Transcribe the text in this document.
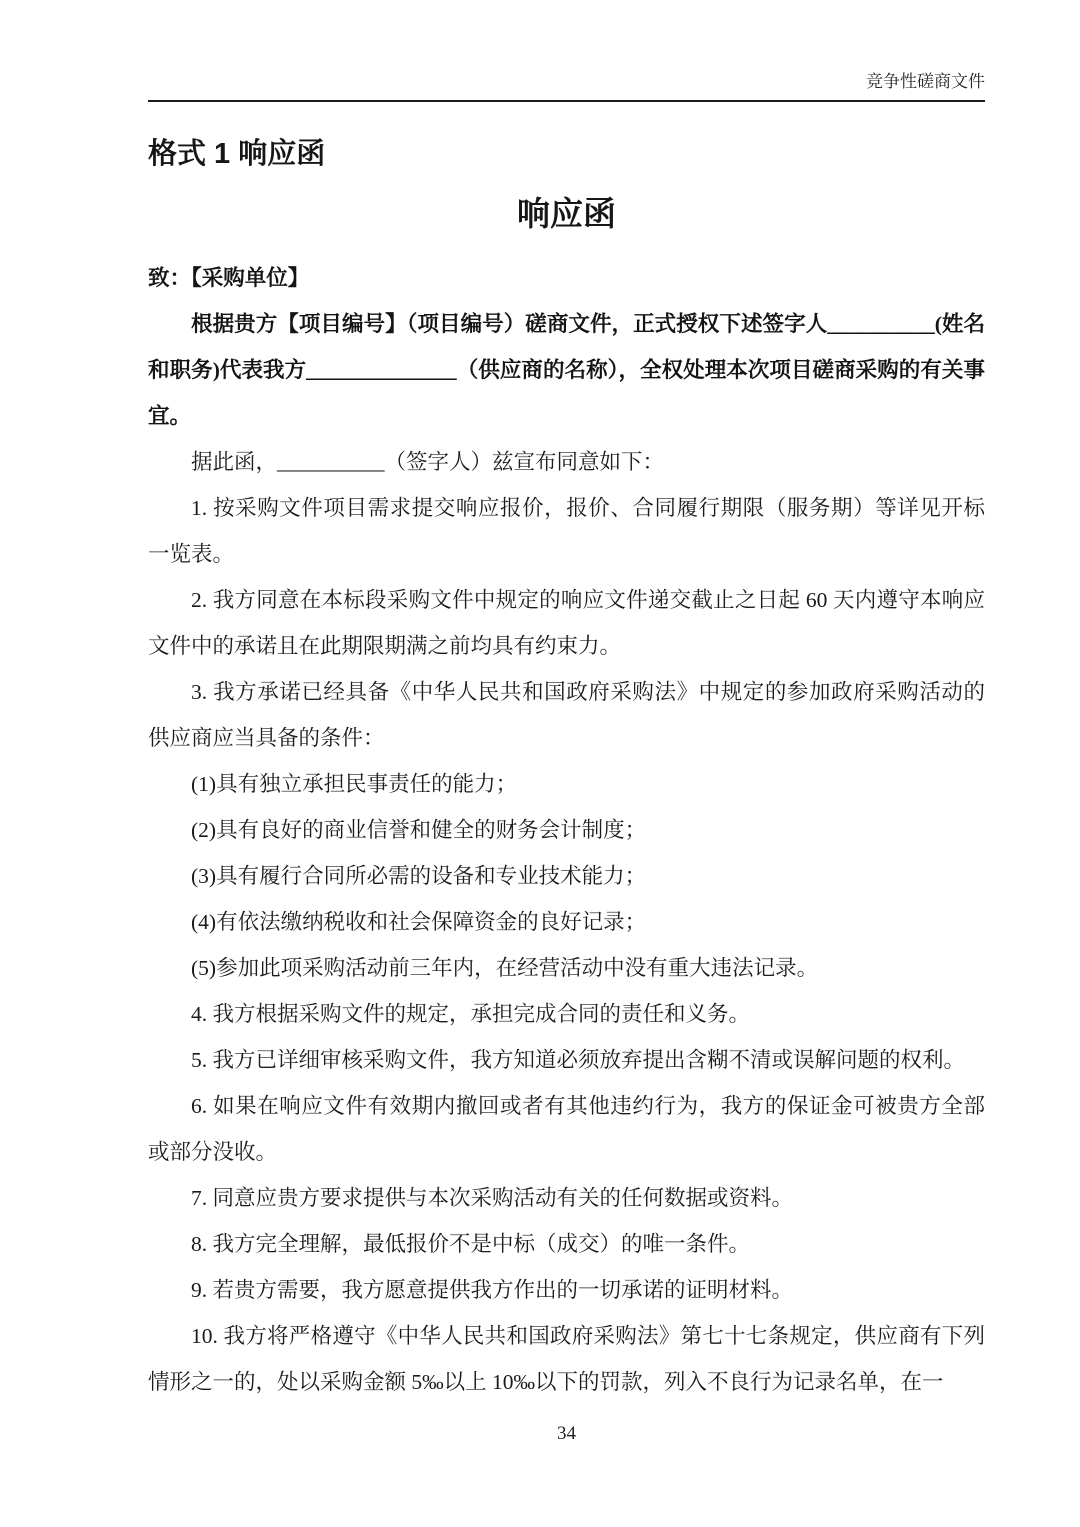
竞争性磋商文件
格式 1 响应函
响应函

致：【采购单位】

根据贵方【项目编号】（项目编号）磋商文件，正式授权下述签字人__________(姓名和职务)代表我方______________（供应商的名称），全权处理本次项目磋商采购的有关事宜。

据此函，__________（签字人）兹宣布同意如下：

1. 按采购文件项目需求提交响应报价，报价、合同履行期限（服务期）等详见开标一览表。

2. 我方同意在本标段采购文件中规定的响应文件递交截止之日起 60 天内遵守本响应文件中的承诺且在此期限期满之前均具有约束力。

3. 我方承诺已经具备《中华人民共和国政府采购法》中规定的参加政府采购活动的供应商应当具备的条件：

(1)具有独立承担民事责任的能力；

(2)具有良好的商业信誉和健全的财务会计制度；

(3)具有履行合同所必需的设备和专业技术能力；

(4)有依法缴纳税收和社会保障资金的良好记录；

(5)参加此项采购活动前三年内，在经营活动中没有重大违法记录。

4. 我方根据采购文件的规定，承担完成合同的责任和义务。

5. 我方已详细审核采购文件，我方知道必须放弃提出含糊不清或误解问题的权利。

6. 如果在响应文件有效期内撤回或者有其他违约行为，我方的保证金可被贵方全部或部分没收。

7. 同意应贵方要求提供与本次采购活动有关的任何数据或资料。

8. 我方完全理解，最低报价不是中标（成交）的唯一条件。

9. 若贵方需要，我方愿意提供我方作出的一切承诺的证明材料。

10. 我方将严格遵守《中华人民共和国政府采购法》第七十七条规定，供应商有下列情形之一的，处以采购金额 5‰以上 10‰以下的罚款，列入不良行为记录名单，在一

34
